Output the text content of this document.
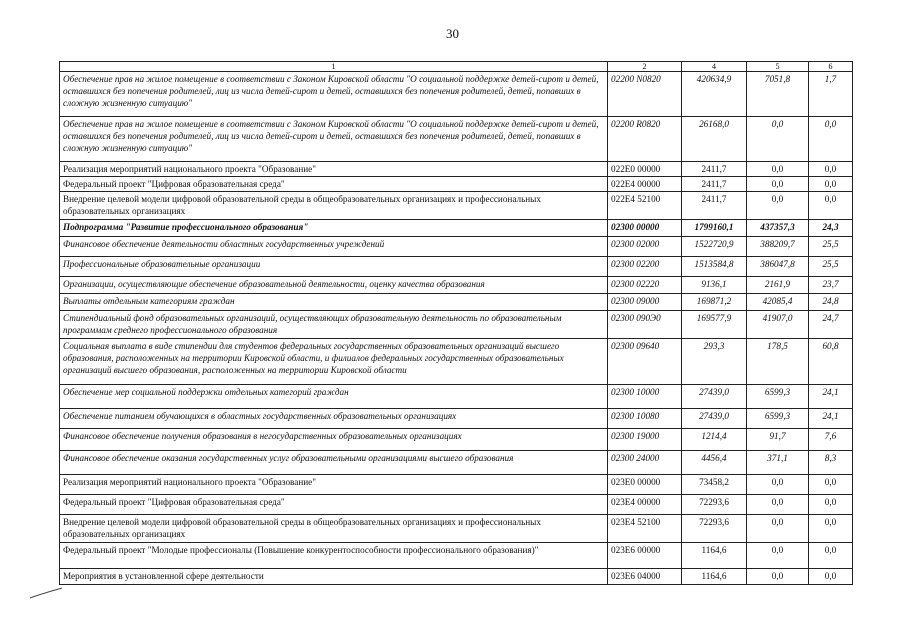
30
1	2	4	5	6
Обеспечение прав на жилое помещение в соответствии с Законом Кировской области "О социальной поддержке детей-сирот и детей, оставшихся без попечения родителей, лиц из числа детей-сирот и детей, оставшихся без попечения родителей, детей, попавших в сложную жизненную ситуацию"	02200 N0820	420634,9	7051,8	1,7
Обеспечение прав на жилое помещение в соответствии с Законом Кировской области "О социальной поддержке детей-сирот и детей, оставшихся без попечения родителей, лиц из числа детей-сирот и детей, оставшихся без попечения родителей, детей, попавших в сложную жизненную ситуацию"	02200 R0820	26168,0	0,0	0,0
Реализация мероприятий национального проекта "Образование"	022E0 00000	2411,7	0,0	0,0
Федеральный проект "Цифровая образовательная среда"	022E4 00000	2411,7	0,0	0,0
Внедрение целевой модели цифровой образовательной среды в общеобразовательных организациях и профессиональных образовательных организациях	022E4 52100	2411,7	0,0	0,0
Подпрограмма "Развитие профессионального образования"	02300 00000	1799160,1	437357,3	24,3
Финансовое обеспечение деятельности областных государственных учреждений	02300 02000	1522720,9	388209,7	25,5
Профессиональные образовательные организации	02300 02200	1513584,8	386047,8	25,5
Организации, осуществляющие обеспечение образовательной деятельности, оценку качества образования	02300 02220	9136,1	2161,9	23,7
Выплаты отдельным категориям граждан	02300 09000	169871,2	42085,4	24,8
Стипендиальный фонд образовательных организаций, осуществляющих образовательную деятельность по образовательным программам среднего профессионального образования	02300 090Э0	169577,9	41907,0	24,7
Социальная выплата в виде стипендии для студентов федеральных государственных образовательных организаций высшего образования, расположенных на территории Кировской области, и филиалов федеральных государственных образовательных организаций высшего образования, расположенных на территории Кировской области	02300 09640	293,3	178,5	60,8
Обеспечение мер социальной поддержки отдельных категорий граждан	02300 10000	27439,0	6599,3	24,1
Обеспечение питанием обучающихся в областных государственных образовательных организациях	02300 10080	27439,0	6599,3	24,1
Финансовое обеспечение получения образования в негосударственных образовательных организациях	02300 19000	1214,4	91,7	7,6
Финансовое обеспечение оказания государственных услуг образовательными организациями высшего образования	02300 24000	4456,4	371,1	8,3
Реализация мероприятий национального проекта "Образование"	023E0 00000	73458,2	0,0	0,0
Федеральный проект "Цифровая образовательная среда"	023E4 00000	72293,6	0,0	0,0
Внедрение целевой модели цифровой образовательной среды в общеобразовательных организациях и профессиональных образовательных организациях	023E4 52100	72293,6	0,0	0,0
Федеральный проект "Молодые профессионалы (Повышение конкурентоспособности профессионального образования)"	023E6 00000	1164,6	0,0	0,0
Мероприятия в установленной сфере деятельности	023E6 04000	1164,6	0,0	0,0
